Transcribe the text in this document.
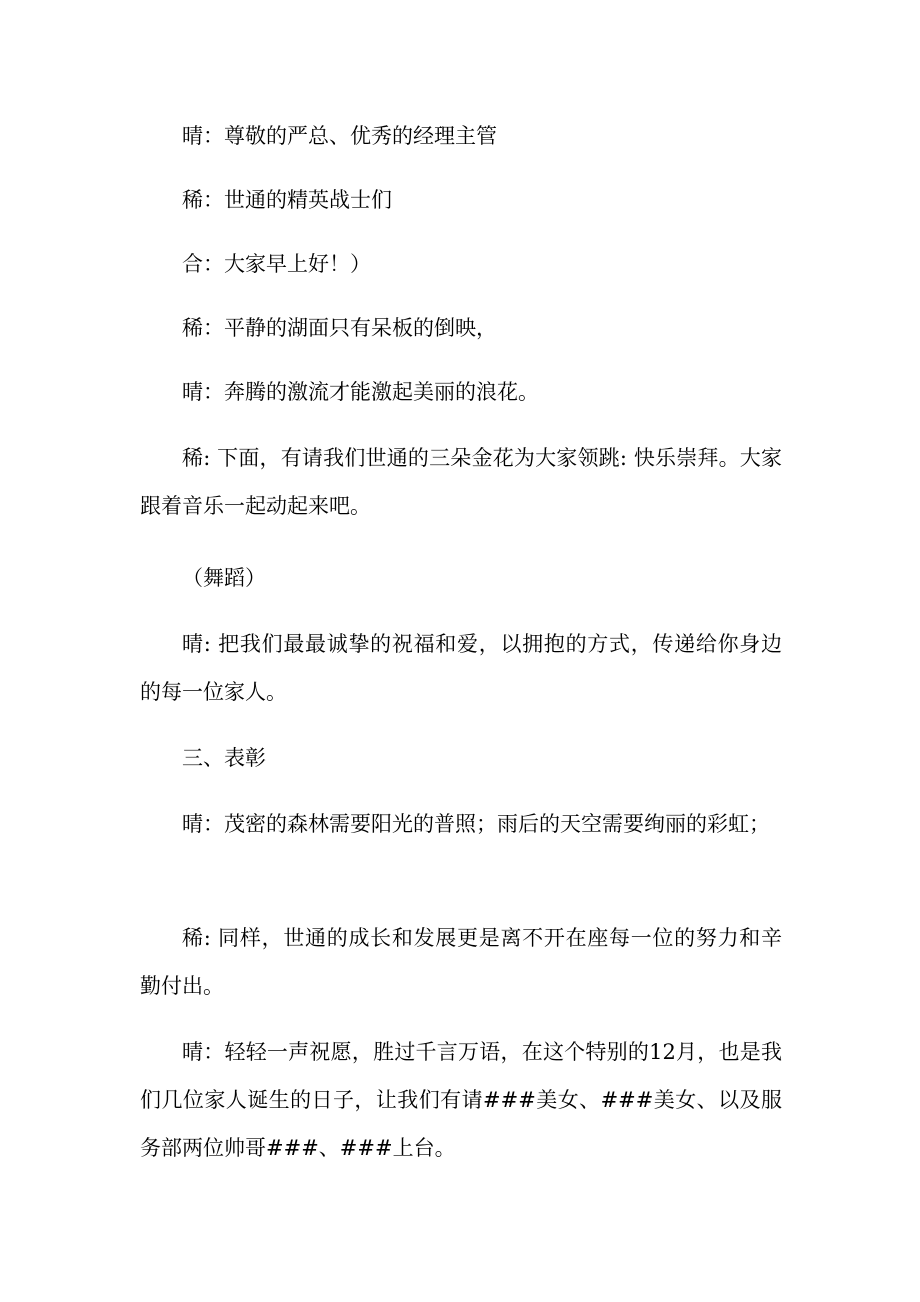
晴：尊敬的严总、优秀的经理主管

稀：世通的精英战士们

合：大家早上好！）

稀：平静的湖面只有呆板的倒映，

晴：奔腾的激流才能激起美丽的浪花。

稀: 下面，有请我们世通的三朵金花为大家领跳: 快乐崇拜。大家跟着音乐一起动起来吧。

（舞蹈）

晴: 把我们最最诚挚的祝福和爱，以拥抱的方式，传递给你身边的每一位家人。

三、表彰

晴：茂密的森林需要阳光的普照；雨后的天空需要绚丽的彩虹；

稀: 同样，世通的成长和发展更是离不开在座每一位的努力和辛勤付出。

晴：轻轻一声祝愿，胜过千言万语，在这个特别的12月，也是我们几位家人诞生的日子，让我们有请###美女、###美女、以及服务部两位帅哥###、###上台。
